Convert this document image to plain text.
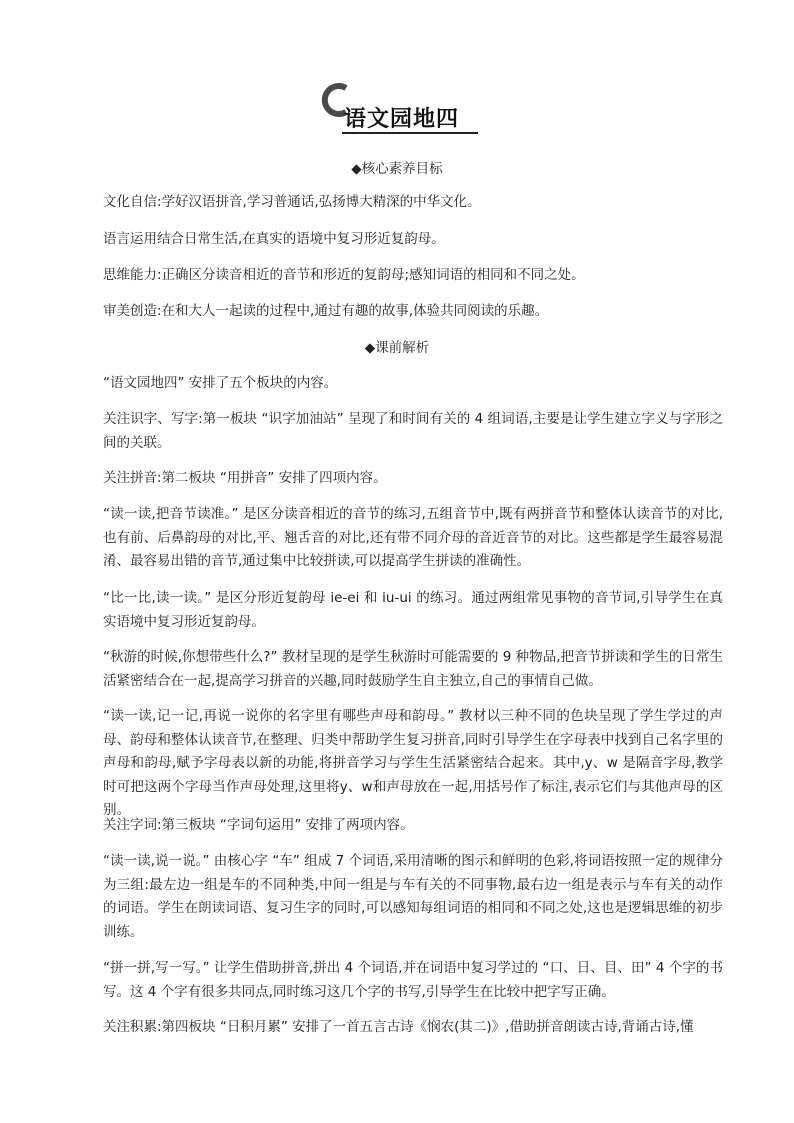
语文园地四
◆核心素养目标
文化自信:学好汉语拼音,学习普通话,弘扬博大精深的中华文化。
语言运用结合日常生活,在真实的语境中复习形近复韵母。
思维能力:正确区分读音相近的音节和形近的复韵母;感知词语的相同和不同之处。
审美创造:在和大人一起读的过程中,通过有趣的故事,体验共同阅读的乐趣。
◆课前解析
“语文园地四” 安排了五个板块的内容。
关注识字、写字:第一板块 “识字加油站” 呈现了和时间有关的 4 组词语,主要是让学生建立字义与字形之间的关联。
关注拼音:第二板块 “用拼音” 安排了四项内容。
“读一读,把音节读准。” 是区分读音相近的音节的练习,五组音节中,既有两拼音节和整体认读音节的对比,也有前、后鼻韵母的对比,平、翘舌音的对比,还有带不同介母的音近音节的对比。这些都是学生最容易混淆、最容易出错的音节,通过集中比较拼读,可以提高学生拼读的准确性。
“比一比,读一读。” 是区分形近复韵母 ie-ei 和 iu-ui 的练习。通过两组常见事物的音节词,引导学生在真实语境中复习形近复韵母。
“秋游的时候,你想带些什么?” 教材呈现的是学生秋游时可能需要的 9 种物品,把音节拼读和学生的日常生活紧密结合在一起,提高学习拼音的兴趣,同时鼓励学生自主独立,自己的事情自己做。
“读一读,记一记,再说一说你的名字里有哪些声母和韵母。” 教材以三种不同的色块呈现了学生学过的声母、韵母和整体认读音节,在整理、归类中帮助学生复习拼音,同时引导学生在字母表中找到自己名字里的声母和韵母,赋予字母表以新的功能,将拼音学习与学生生活紧密结合起来。其中,y、w 是隔音字母,教学时可把这两个字母当作声母处理,这里将y、w和声母放在一起,用括号作了标注,表示它们与其他声母的区别。
关注字词:第三板块 “字词句运用” 安排了两项内容。
“读一读,说一说。” 由核心字 “车” 组成 7 个词语,采用清晰的图示和鲜明的色彩,将词语按照一定的规律分为三组:最左边一组是车的不同种类,中间一组是与车有关的不同事物,最右边一组是表示与车有关的动作的词语。学生在朗读词语、复习生字的同时,可以感知每组词语的相同和不同之处,这也是逻辑思维的初步训练。
“拼一拼,写一写。” 让学生借助拼音,拼出 4 个词语,并在词语中复习学过的 “口、日、目、田” 4 个字的书写。这 4 个字有很多共同点,同时练习这几个字的书写,引导学生在比较中把字写正确。
关注积累:第四板块 “日积月累” 安排了一首五言古诗《悯农(其二)》,借助拼音朗读古诗,背诵古诗,懂
